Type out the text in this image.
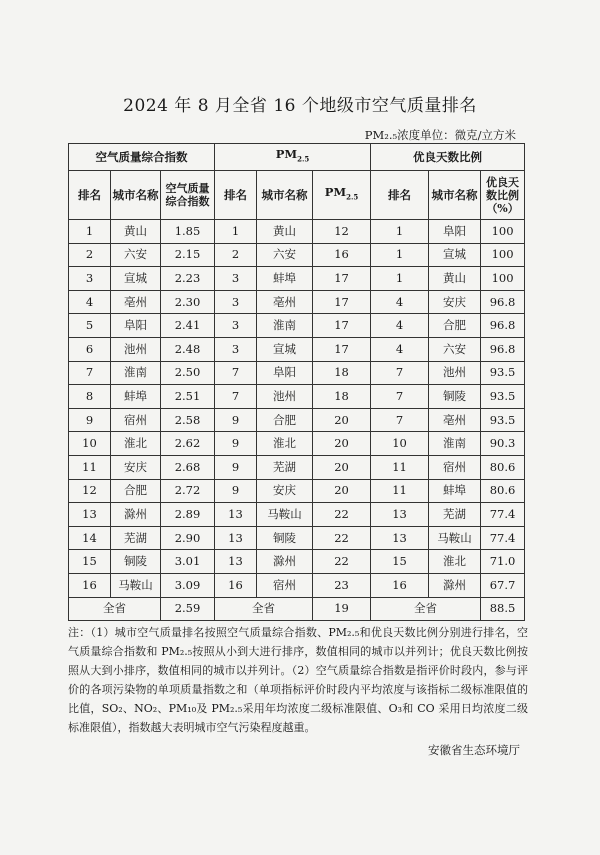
2024 年 8 月全省 16 个地级市空气质量排名
PM₂.₅浓度单位：微克/立方米
空气质量综合指数			$PM_{2.5}$			优良天数比例		
排名	城市名称	空气质量综合指数	排名	城市名称	$PM_{2.5}$	排名	城市名称	优良天数比例（%）
1	黄山	1.85	1	黄山	12	1	阜阳	100
2	六安	2.15	2	六安	16	1	宣城	100
3	宣城	2.23	3	蚌埠	17	1	黄山	100
4	亳州	2.30	3	亳州	17	4	安庆	96.8
5	阜阳	2.41	3	淮南	17	4	合肥	96.8
6	池州	2.48	3	宣城	17	4	六安	96.8
7	淮南	2.50	7	阜阳	18	7	池州	93.5
8	蚌埠	2.51	7	池州	18	7	铜陵	93.5
9	宿州	2.58	9	合肥	20	7	亳州	93.5
10	淮北	2.62	9	淮北	20	10	淮南	90.3
11	安庆	2.68	9	芜湖	20	11	宿州	80.6
12	合肥	2.72	9	安庆	20	11	蚌埠	80.6
13	滁州	2.89	13	马鞍山	22	13	芜湖	77.4
14	芜湖	2.90	13	铜陵	22	13	马鞍山	77.4
15	铜陵	3.01	13	滁州	22	15	淮北	71.0
16	马鞍山	3.09	16	宿州	23	16	滁州	67.7
全省		2.59	全省		19	全省		88.5
注：（1）城市空气质量排名按照空气质量综合指数、PM₂.₅和优良天数比例分别进行排名，空气质量综合指数和 PM₂.₅按照从小到大进行排序，数值相同的城市以并列计；优良天数比例按照从大到小排序，数值相同的城市以并列计。（2）空气质量综合指数是指评价时段内，参与评价的各项污染物的单项质量指数之和（单项指标评价时段内平均浓度与该指标二级标准限值的比值，SO₂、NO₂、PM₁₀及 PM₂.₅采用年均浓度二级标准限值、O₃和 CO 采用日均浓度二级标准限值），指数越大表明城市空气污染程度越重。
安徽省生态环境厅
